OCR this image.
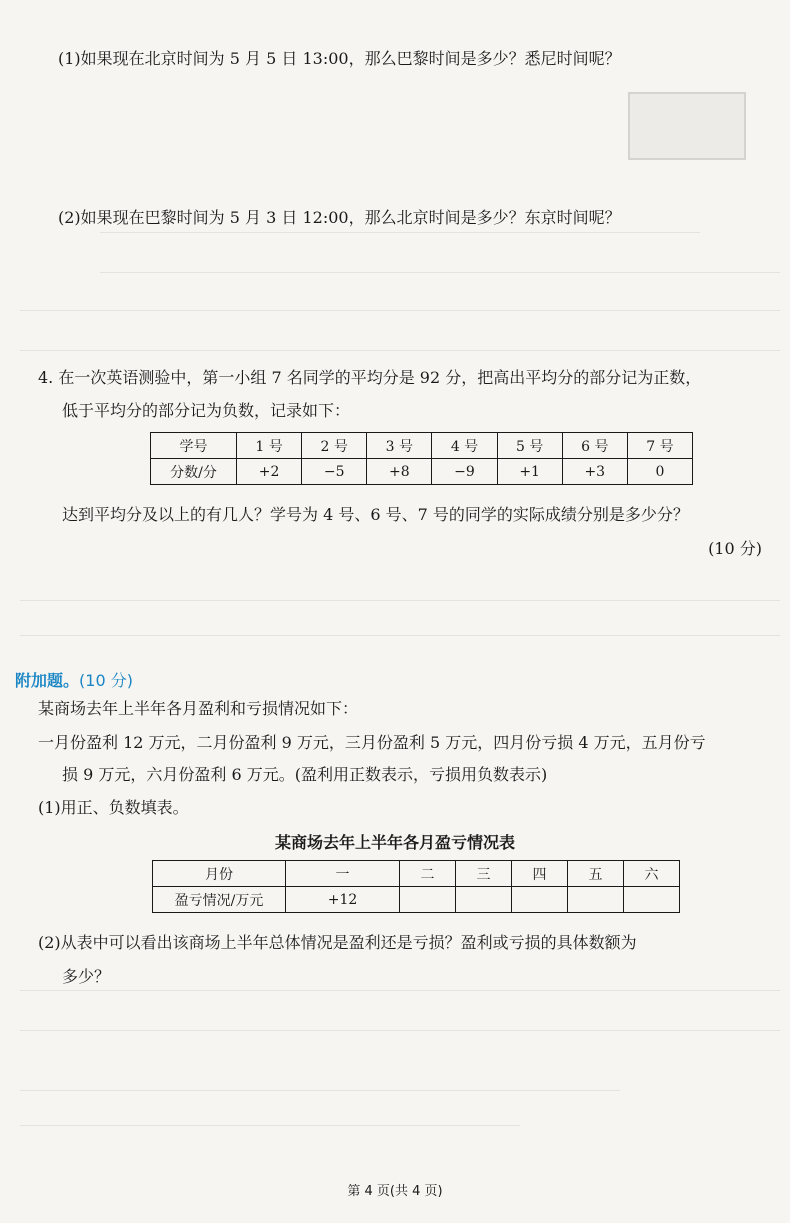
(1)如果现在北京时间为 5 月 5 日 13:00，那么巴黎时间是多少？悉尼时间呢？
(2)如果现在巴黎时间为 5 月 3 日 12:00，那么北京时间是多少？东京时间呢？
4. 在一次英语测验中，第一小组 7 名同学的平均分是 92 分，把高出平均分的部分记为正数，
低于平均分的部分记为负数，记录如下：
学号	1 号	2 号	3 号	4 号	5 号	6 号	7 号
分数/分	+2	−5	+8	−9	+1	+3	0
达到平均分及以上的有几人？学号为 4 号、6 号、7 号的同学的实际成绩分别是多少分？
(10 分)
附加题。(10 分)
某商场去年上半年各月盈利和亏损情况如下：
一月份盈利 12 万元，二月份盈利 9 万元，三月份盈利 5 万元，四月份亏损 4 万元，五月份亏
损 9 万元，六月份盈利 6 万元。(盈利用正数表示，亏损用负数表示)
(1)用正、负数填表。
某商场去年上半年各月盈亏情况表
月份	一	二	三	四	五	六
盈亏情况/万元	+12					
(2)从表中可以看出该商场上半年总体情况是盈利还是亏损？盈利或亏损的具体数额为
多少？
第 4 页(共 4 页)
